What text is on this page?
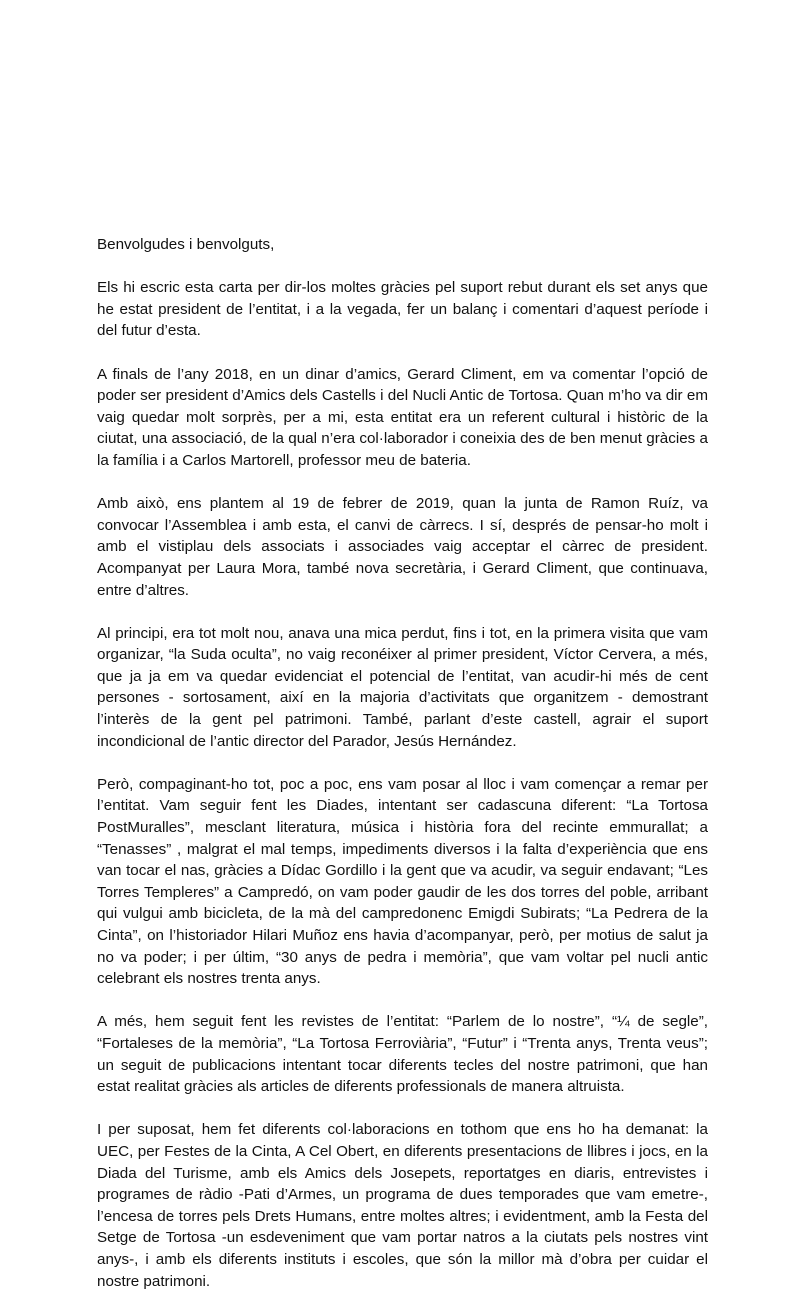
Benvolgudes i benvolguts,

Els hi escric esta carta per dir-los moltes gràcies pel suport rebut durant els set anys que he estat president de l’entitat, i a la vegada, fer un balanç i comentari d’aquest període i del futur d’esta.

A finals de l’any 2018, en un dinar d’amics, Gerard Climent, em va comentar l’opció de poder ser president d’Amics dels Castells i del Nucli Antic de Tortosa. Quan m’ho va dir em vaig quedar molt sorprès, per a mi, esta entitat era un referent cultural i històric de la ciutat, una associació, de la qual n’era col·laborador i coneixia des de ben menut gràcies a la família i a Carlos Martorell, professor meu de bateria.

Amb això, ens plantem al 19 de febrer de 2019, quan la junta de Ramon Ruíz, va convocar l’Assemblea i amb esta, el canvi de càrrecs. I sí, després de pensar-ho molt i amb el vistiplau dels associats i associades vaig acceptar el càrrec de president. Acompanyat per Laura Mora, també nova secretària, i Gerard Climent, que continuava, entre d’altres.

Al principi, era tot molt nou, anava una mica perdut, fins i tot, en la primera visita que vam organizar, “la Suda oculta”, no vaig reconéixer al primer president, Víctor Cervera, a més, que ja ja em va quedar evidenciat el potencial de l’entitat, van acudir-hi més de cent persones - sortosament, així en la majoria d’activitats que organitzem - demostrant l’interès de la gent pel patrimoni. També, parlant d’este castell, agrair el suport incondicional de l’antic director del Parador, Jesús Hernández.

Però, compaginant-ho tot, poc a poc, ens vam posar al lloc i vam començar a remar per l’entitat. Vam seguir fent les Diades, intentant ser cadascuna diferent: “La Tortosa PostMuralles”, mesclant literatura, música i història fora del recinte emmurallat; a “Tenasses” , malgrat el mal temps, impediments diversos i la falta d’experiència que ens van tocar el nas, gràcies a Dídac Gordillo i la gent que va acudir, va seguir endavant; “Les Torres Templeres” a Campredó, on vam poder gaudir de les dos torres del poble, arribant qui vulgui amb bicicleta, de la mà del campredonenc Emigdi Subirats; “La Pedrera de la Cinta”, on l’historiador Hilari Muñoz ens havia d’acompanyar, però, per motius de salut ja no va poder; i per últim, “30 anys de pedra i memòria”, que vam voltar pel nucli antic celebrant els nostres trenta anys.

A més, hem seguit fent les revistes de l’entitat: “Parlem de lo nostre”, “¼ de segle”, “Fortaleses de la memòria”, “La Tortosa Ferroviària”, “Futur” i “Trenta anys, Trenta veus”; un seguit de publicacions intentant tocar diferents tecles del nostre patrimoni, que han estat realitat gràcies als articles de diferents professionals de manera altruista.

I per suposat, hem fet diferents col·laboracions en tothom que ens ho ha demanat: la UEC, per Festes de la Cinta, A Cel Obert, en diferents presentacions de llibres i jocs, en la Diada del Turisme, amb els Amics dels Josepets, reportatges en diaris, entrevistes i programes de ràdio -Pati d’Armes, un programa de dues temporades que vam emetre-, l’encesa de torres pels Drets Humans, entre moltes altres; i evidentment, amb la Festa del Setge de Tortosa -un esdeveniment que vam portar natros a la ciutats pels nostres vint anys-, i amb els diferents instituts i escoles, que són la millor mà d’obra per cuidar el nostre patrimoni.
